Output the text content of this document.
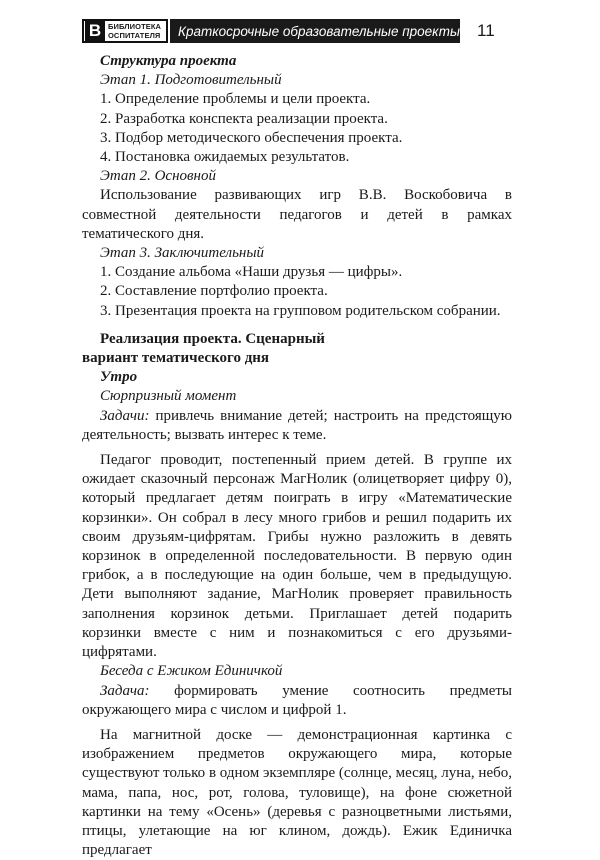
B БИБЛИОТЕКА
ОСПИТАТЕЛЯ	Краткосрочные образовательные проекты 11

Структура проекта

Этап 1. Подготовительный

1. Определение проблемы и цели проекта.

2. Разработка конспекта реализации проекта.

3. Подбор методического обеспечения проекта.

4. Постановка ожидаемых результатов.

Этап 2. Основной

Использование развивающих игр В.В. Воскобовича в совместной деятельности педагогов и детей в рамках тематического дня.

Этап 3. Заключительный

1. Создание альбома «Наши друзья — цифры».

2. Составление портфолио проекта.

3. Презентация проекта на групповом родительском собрании.

Реализация проекта. Сценарный вариант тематического дня

Утро

Сюрпризный момент

Задачи: привлечь внимание детей; настроить на предстоящую деятельность; вызвать интерес к теме.

Педагог проводит, постепенный прием детей. В группе их ожидает сказочный персонаж МагНолик (олицетворяет цифру 0), который предлагает детям поиграть в игру «Математические корзинки». Он собрал в лесу много грибов и решил подарить их своим друзьям-цифрятам. Грибы нужно разложить в девять корзинок в определенной последовательности. В первую один грибок, а в последующие на один больше, чем в предыдущую. Дети выполняют задание, МагНолик проверяет правильность заполнения корзинок детьми. Приглашает детей подарить корзинки вместе с ним и познакомиться с его друзьями-цифрятами.

Беседа с Ежиком Единичкой

Задача: формировать умение соотносить предметы окружающего мира с числом и цифрой 1.

На магнитной доске — демонстрационная картинка с изображением предметов окружающего мира, которые существуют только в одном экземпляре (солнце, месяц, луна, небо, мама, папа, нос, рот, голова, туловище), на фоне сюжетной картинки на тему «Осень» (деревья с разноцветными листьями, птицы, улетающие на юг клином, дождь). Ежик Единичка предлагает
